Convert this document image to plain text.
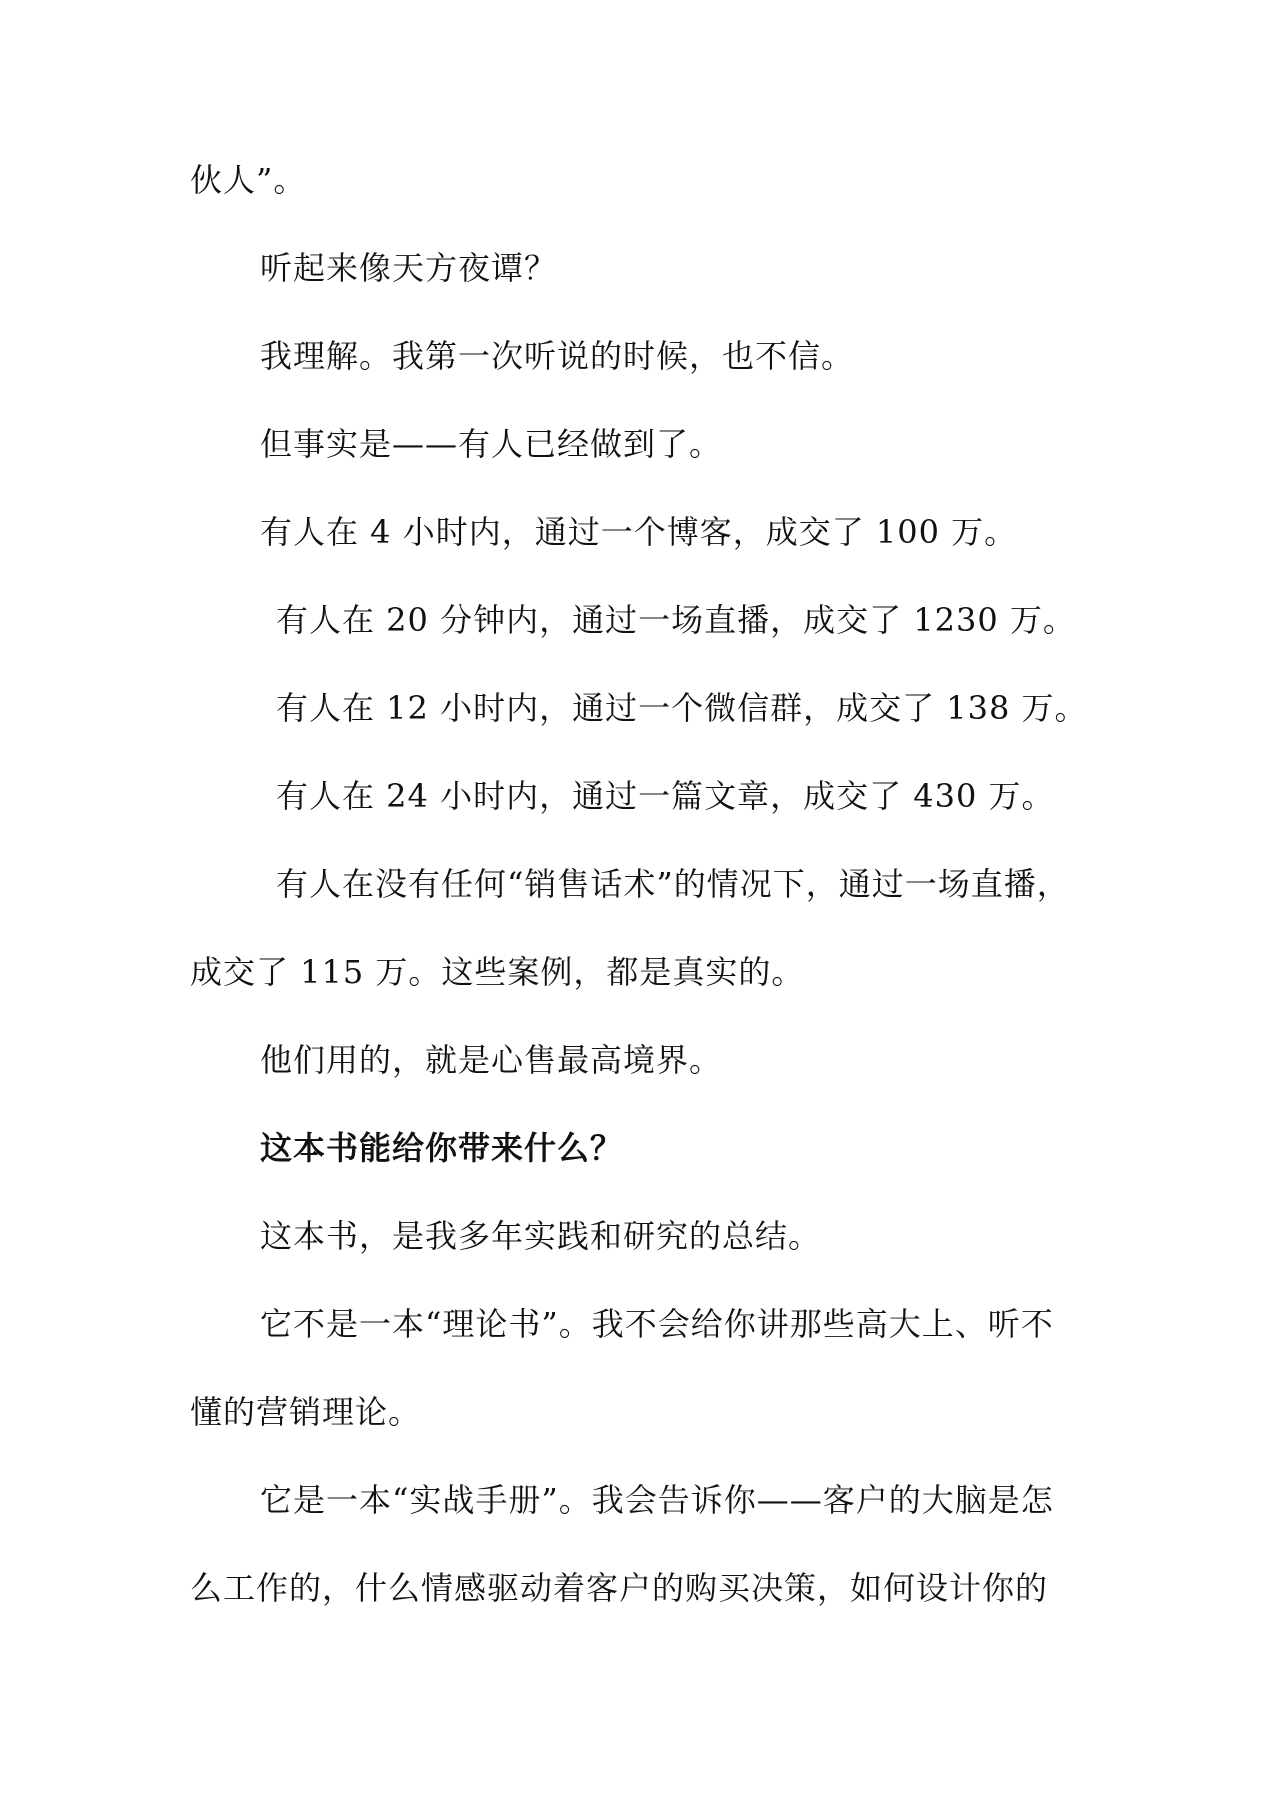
伙人”。
听起来像天方夜谭？
我理解。我第一次听说的时候，也不信。
但事实是——有人已经做到了。
有人在 4 小时内，通过一个博客，成交了 100 万。
有人在 20 分钟内，通过一场直播，成交了 1230 万。
有人在 12 小时内，通过一个微信群，成交了 138 万。
有人在 24 小时内，通过一篇文章，成交了 430 万。
有人在没有任何“销售话术”的情况下，通过一场直播，
成交了 115 万。这些案例，都是真实的。
他们用的，就是心售最高境界。
这本书能给你带来什么？
这本书，是我多年实践和研究的总结。
它不是一本“理论书”。我不会给你讲那些高大上、听不
懂的营销理论。
它是一本“实战手册”。我会告诉你——客户的大脑是怎
么工作的，什么情感驱动着客户的购买决策，如何设计你的
